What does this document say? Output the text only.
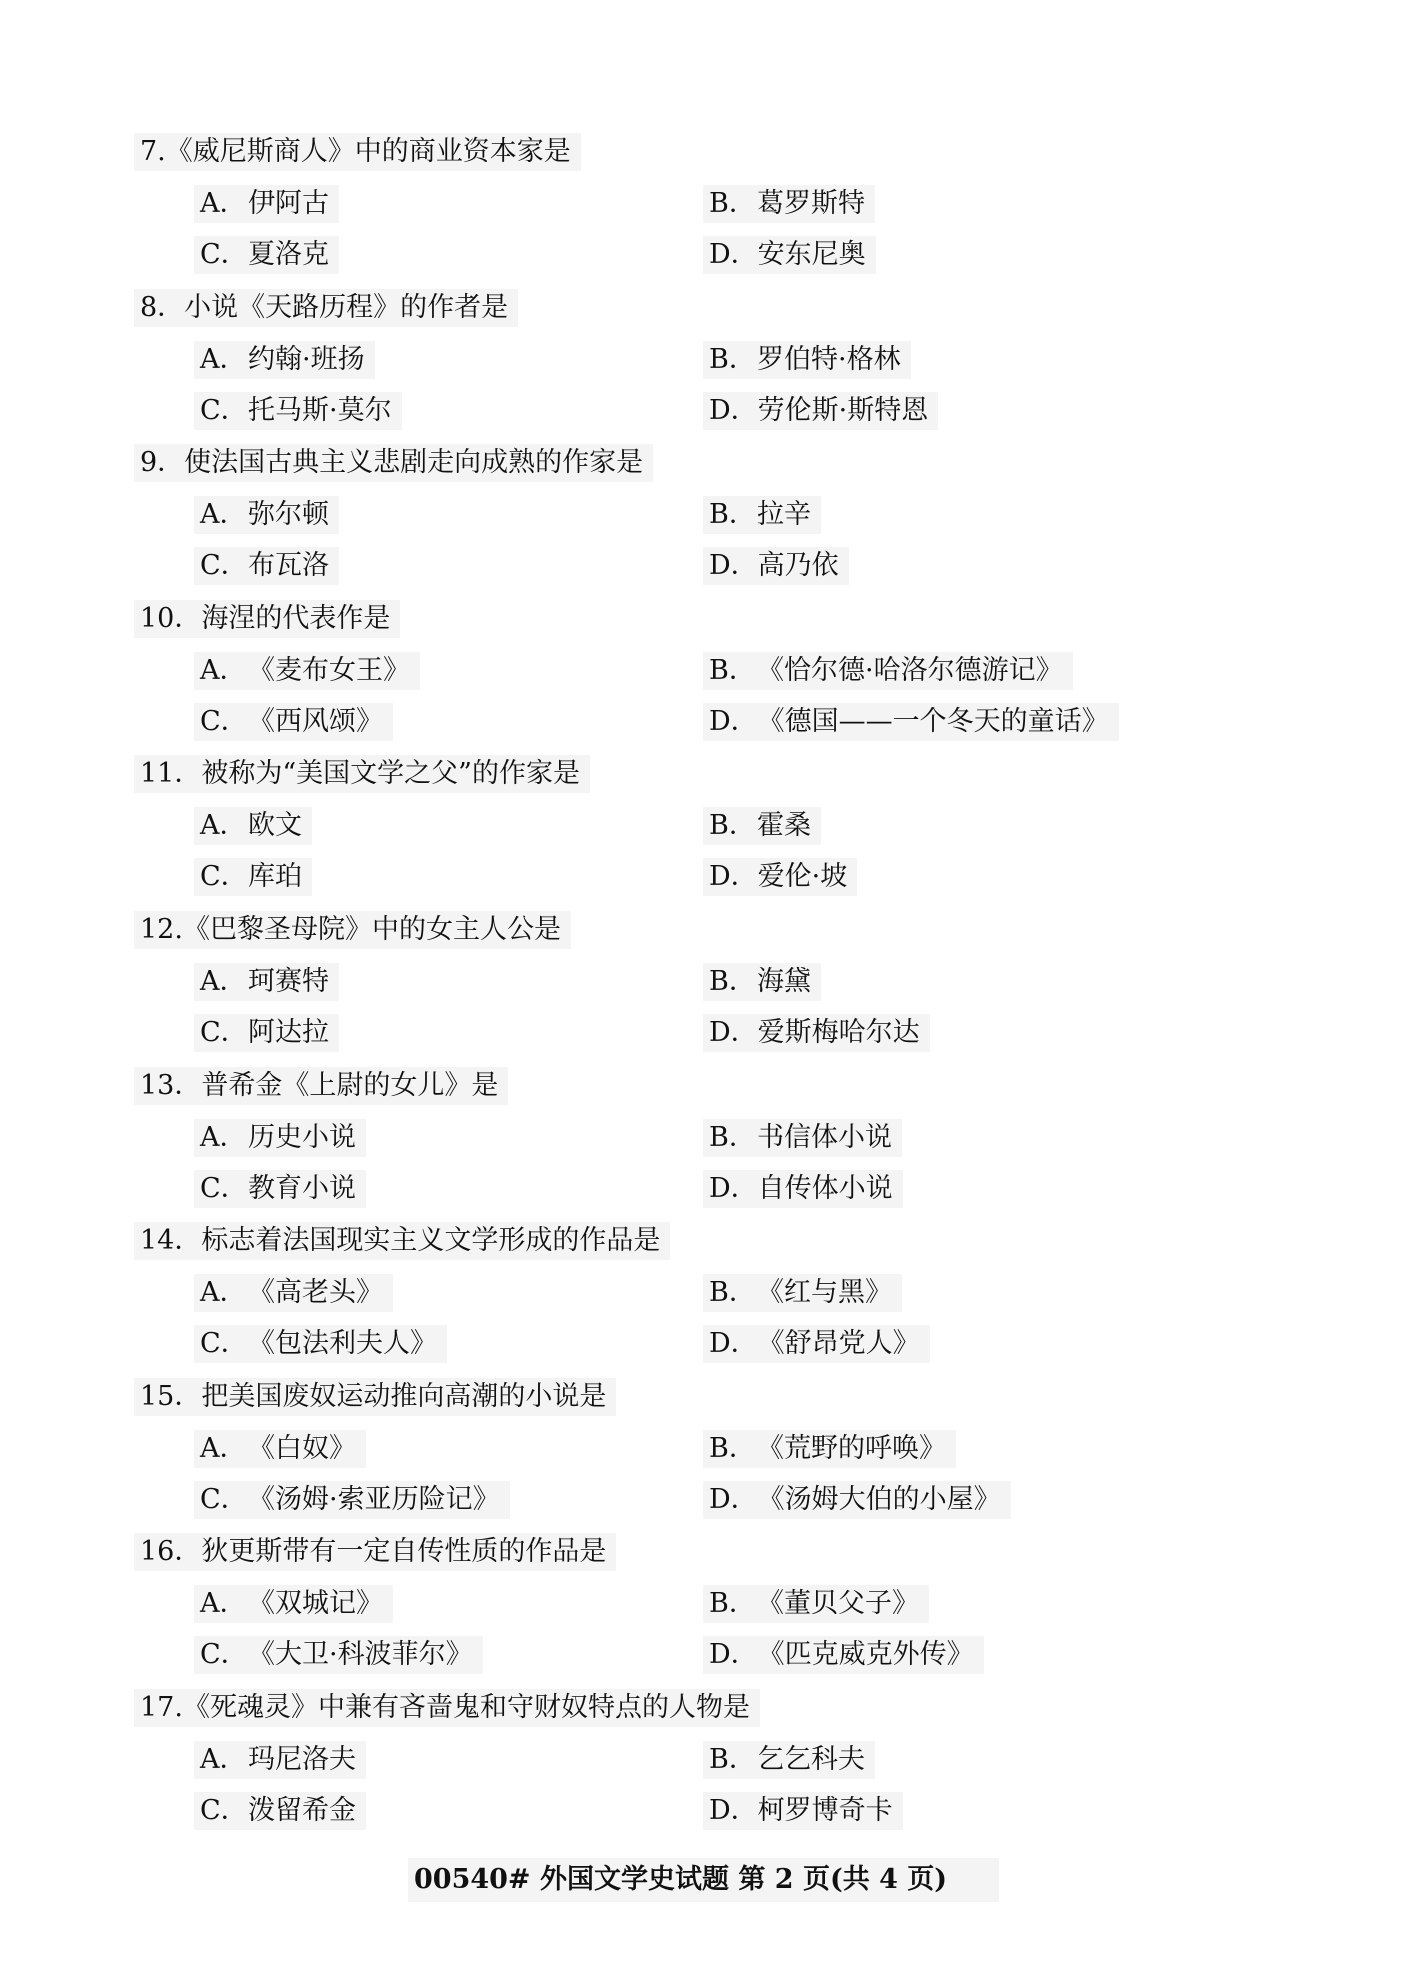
7.《威尼斯商人》中的商业资本家是
A．伊阿古	B．葛罗斯特
C．夏洛克	D．安东尼奥
8．小说《天路历程》的作者是
A．约翰·班扬	B．罗伯特·格林
C．托马斯·莫尔	D．劳伦斯·斯特恩
9．使法国古典主义悲剧走向成熟的作家是
A．弥尔顿	B．拉辛
C．布瓦洛	D．高乃依
10．海涅的代表作是
A．《麦布女王》	B．《恰尔德·哈洛尔德游记》
C．《西风颂》	D．《德国——一个冬天的童话》
11．被称为“美国文学之父”的作家是
A．欧文	B．霍桑
C．库珀	D．爱伦·坡
12.《巴黎圣母院》中的女主人公是
A．珂赛特	B．海黛
C．阿达拉	D．爱斯梅哈尔达
13．普希金《上尉的女儿》是
A．历史小说	B．书信体小说
C．教育小说	D．自传体小说
14．标志着法国现实主义文学形成的作品是
A．《高老头》	B．《红与黑》
C．《包法利夫人》	D．《舒昂党人》
15．把美国废奴运动推向高潮的小说是
A．《白奴》	B．《荒野的呼唤》
C．《汤姆·索亚历险记》	D．《汤姆大伯的小屋》
16．狄更斯带有一定自传性质的作品是
A．《双城记》	B．《董贝父子》
C．《大卫·科波菲尔》	D．《匹克威克外传》
17.《死魂灵》中兼有吝啬鬼和守财奴特点的人物是
A．玛尼洛夫	B．乞乞科夫
C．泼留希金	D．柯罗博奇卡
00540# 外国文学史试题 第 2 页(共 4 页)
